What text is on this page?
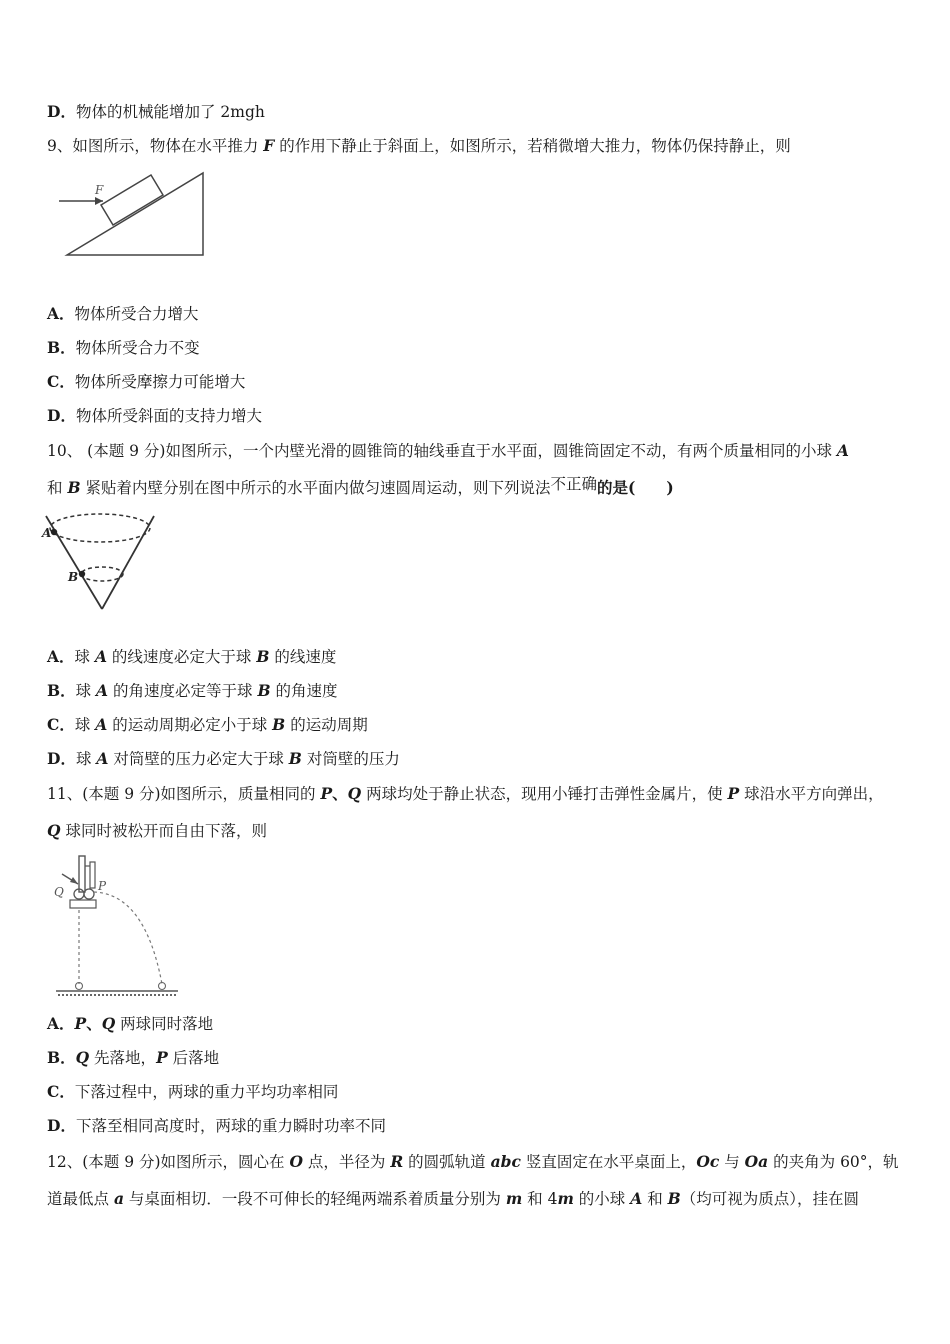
D．物体的机械能增加了 2mgh
9、如图所示，物体在水平推力 F 的作用下静止于斜面上，如图所示，若稍微增大推力，物体仍保持静止，则
F
A．物体所受合力增大
B．物体所受合力不变
C．物体所受摩擦力可能增大
D．物体所受斜面的支持力增大
10、 (本题 9 分)如图所示，一个内壁光滑的圆锥筒的轴线垂直于水平面，圆锥筒固定不动，有两个质量相同的小球 A
和 B 紧贴着内壁分别在图中所示的水平面内做匀速圆周运动，则下列说法不正确的是(　　)
A
B
A．球 A 的线速度必定大于球 B 的线速度
B．球 A 的角速度必定等于球 B 的角速度
C．球 A 的运动周期必定小于球 B 的运动周期
D．球 A 对筒壁的压力必定大于球 B 对筒壁的压力
11、(本题 9 分)如图所示，质量相同的 P、Q 两球均处于静止状态，现用小锤打击弹性金属片，使 P 球沿水平方向弹出，
Q 球同时被松开而自由下落，则
Q	P
A．P、Q 两球同时落地
B．Q 先落地，P 后落地
C．下落过程中，两球的重力平均功率相同
D．下落至相同高度时，两球的重力瞬时功率不同
12、(本题 9 分)如图所示，圆心在 O 点，半径为 R 的圆弧轨道 abc 竖直固定在水平桌面上，Oc 与 Oa 的夹角为 60°，轨
道最低点 a 与桌面相切．一段不可伸长的轻绳两端系着质量分别为 m 和 4m 的小球 A 和 B（均可视为质点），挂在圆
